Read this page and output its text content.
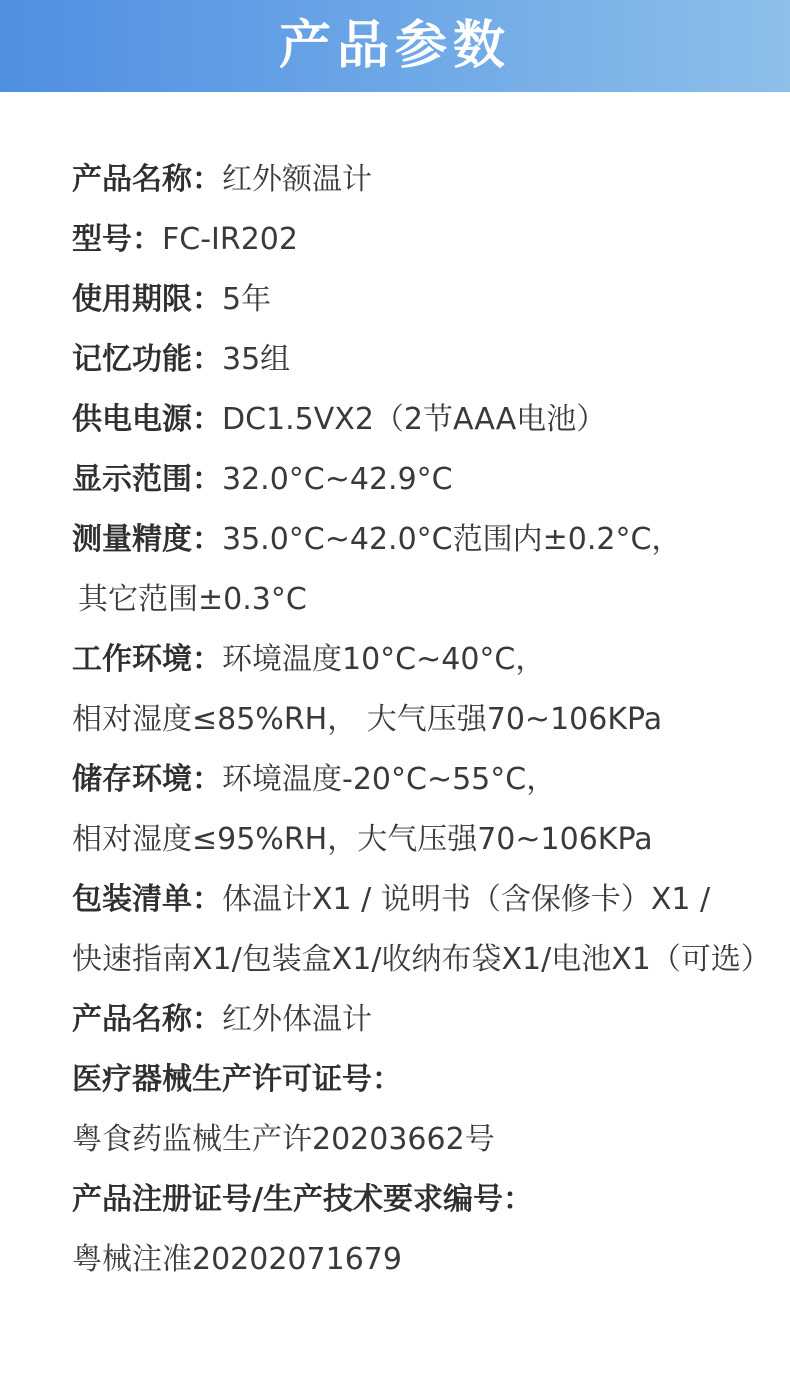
产品参数
产品名称：红外额温计
型号：FC-IR202
使用期限：5年
记忆功能：35组
供电电源：DC1.5VX2（2节AAA电池）
显示范围：32.0°C~42.9°C
测量精度：35.0°C~42.0°C范围内±0.2°C，
其它范围±0.3°C
工作环境：环境温度10°C~40°C，
相对湿度≤85%RH， 大气压强70~106KPa
储存环境：环境温度-20°C~55°C，
相对湿度≤95%RH，大气压强70~106KPa
包装清单：体温计X1 / 说明书（含保修卡）X1 /
快速指南X1/包装盒X1/收纳布袋X1/电池X1（可选）
产品名称：红外体温计
医疗器械生产许可证号：
粤食药监械生产许20203662号
产品注册证号/生产技术要求编号：
粤械注准20202071679
